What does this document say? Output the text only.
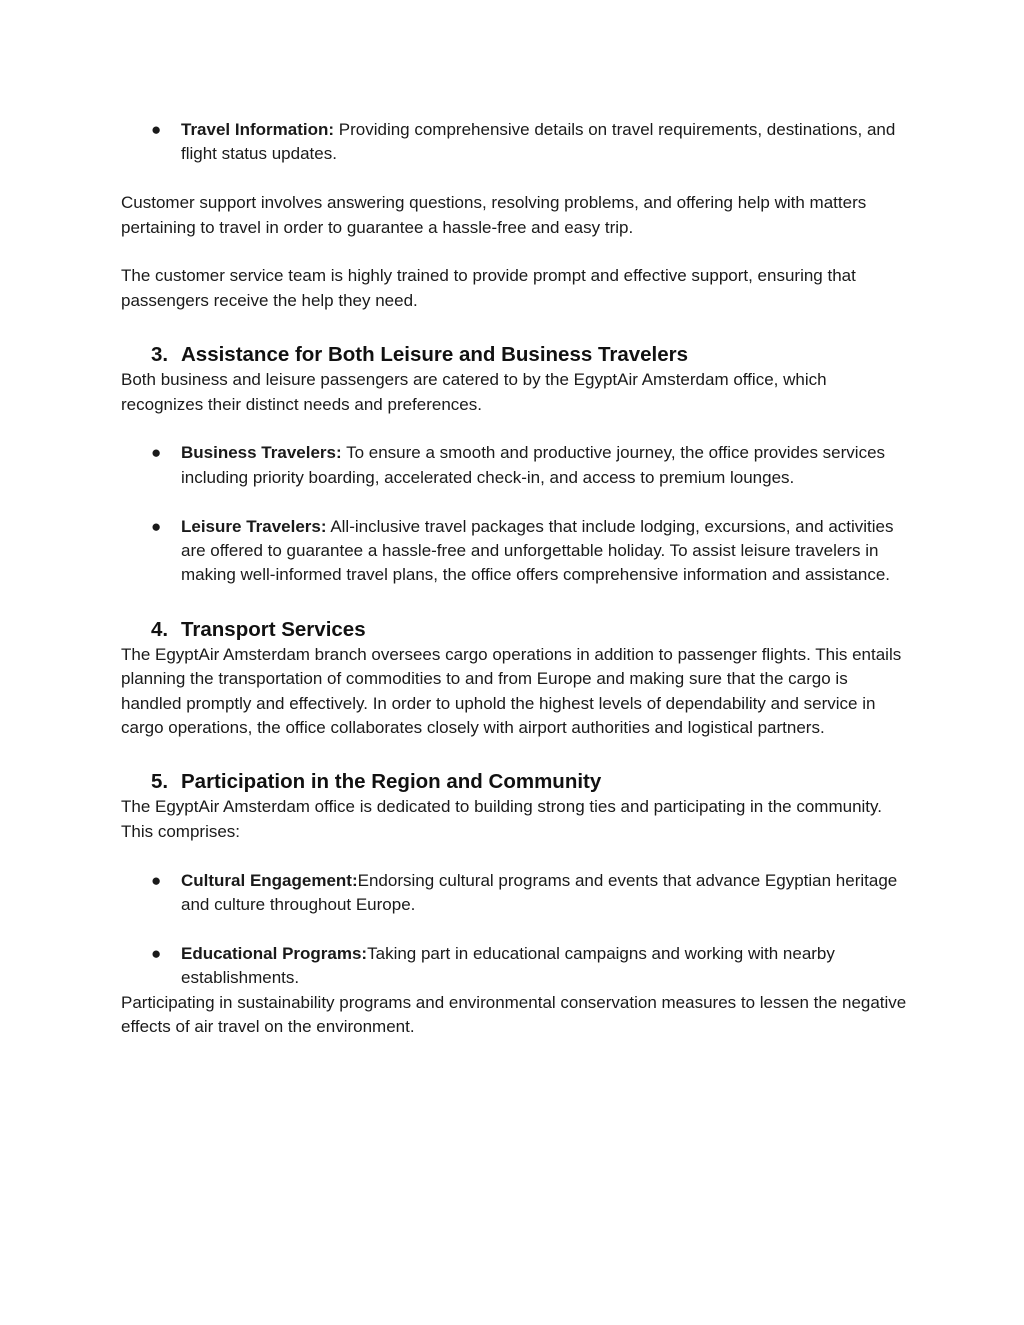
● Travel Information: Providing comprehensive details on travel requirements, destinations, and flight status updates.

Customer support involves answering questions, resolving problems, and offering help with matters pertaining to travel in order to guarantee a hassle-free and easy trip.

The customer service team is highly trained to provide prompt and effective support, ensuring that passengers receive the help they need.

3. Assistance for Both Leisure and Business Travelers

Both business and leisure passengers are catered to by the EgyptAir Amsterdam office, which recognizes their distinct needs and preferences.

● Business Travelers: To ensure a smooth and productive journey, the office provides services including priority boarding, accelerated check-in, and access to premium lounges.
● Leisure Travelers: All-inclusive travel packages that include lodging, excursions, and activities are offered to guarantee a hassle-free and unforgettable holiday. To assist leisure travelers in making well-informed travel plans, the office offers comprehensive information and assistance.
4. Transport Services

The EgyptAir Amsterdam branch oversees cargo operations in addition to passenger flights. This entails planning the transportation of commodities to and from Europe and making sure that the cargo is handled promptly and effectively. In order to uphold the highest levels of dependability and service in cargo operations, the office collaborates closely with airport authorities and logistical partners.

5. Participation in the Region and Community

The EgyptAir Amsterdam office is dedicated to building strong ties and participating in the community. This comprises:

● Cultural Engagement:Endorsing cultural programs and events that advance Egyptian heritage and culture throughout Europe.
● Educational Programs:Taking part in educational campaigns and working with nearby establishments.

Participating in sustainability programs and environmental conservation measures to lessen the negative effects of air travel on the environment.
